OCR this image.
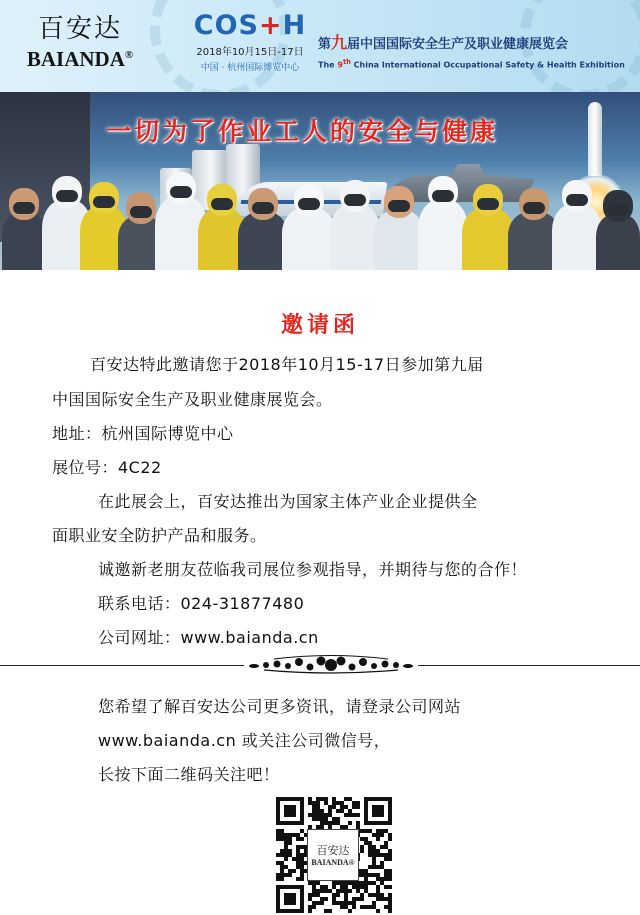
百安达
BAIANDA®
COS+H
2018年10月15日-17日
中国 · 杭州国际博览中心
第九届中国国际安全生产及职业健康展览会
The 9th China International Occupational Safety & Health Exhibition
一切为了作业工人的安全与健康
邀请函
百安达特此邀请您于2018年10月15-17日参加第九届
中国国际安全生产及职业健康展览会。
地址：杭州国际博览中心
展位号：4C22
在此展会上，百安达推出为国家主体产业企业提供全
面职业安全防护产品和服务。
诚邀新老朋友莅临我司展位参观指导，并期待与您的合作！
联系电话：024-31877480
公司网址：www.baianda.cn
您希望了解百安达公司更多资讯，请登录公司网站
www.baianda.cn 或关注公司微信号，
长按下面二维码关注吧！
百安达
BAIANDA®
